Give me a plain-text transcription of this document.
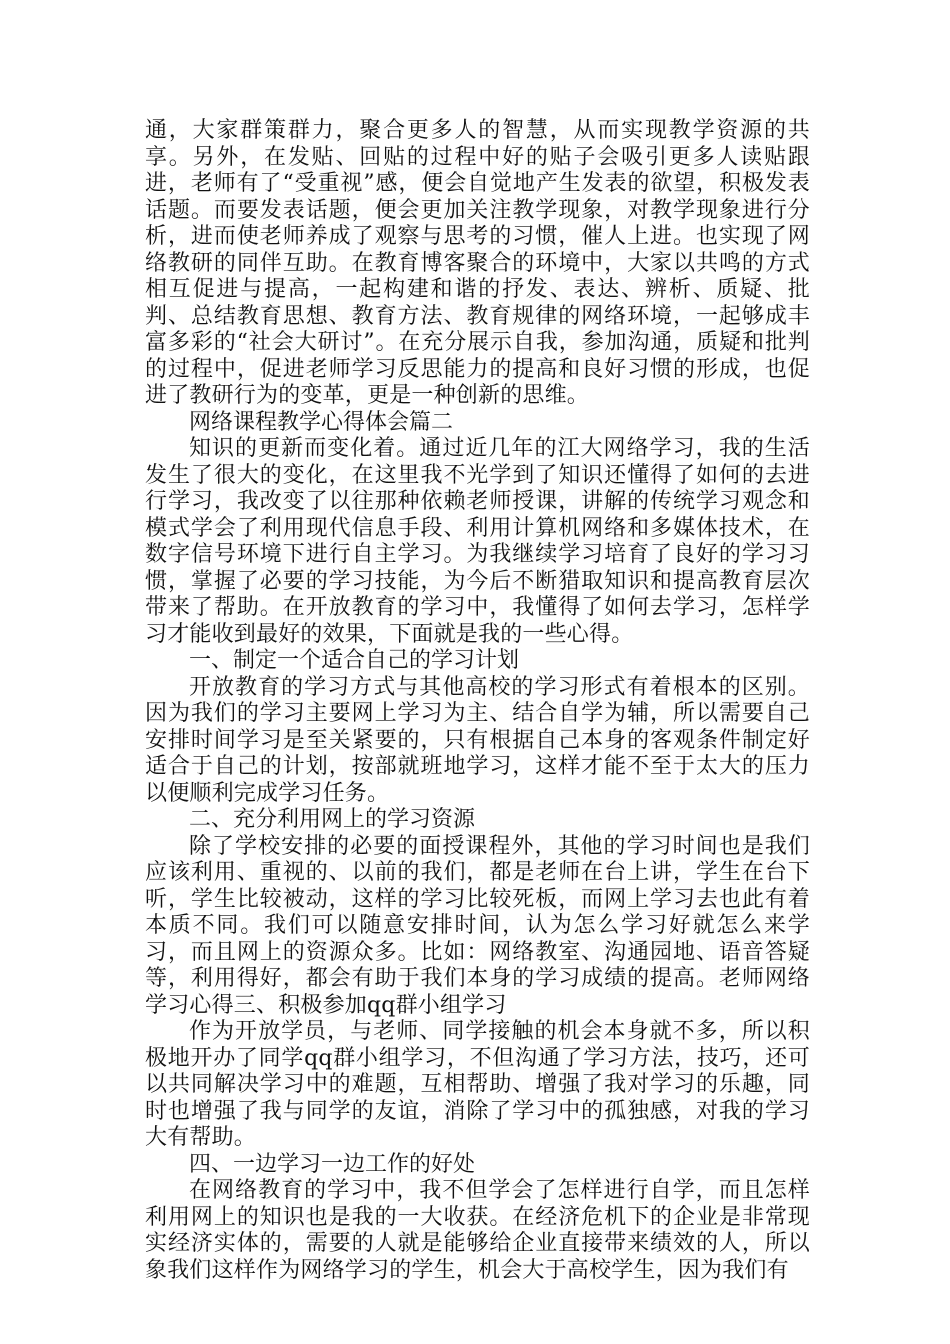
通，大家群策群力，聚合更多人的智慧，从而实现教学资源的共享。另外，在发贴、回贴的过程中好的贴子会吸引更多人读贴跟进，老师有了“受重视”感，便会自觉地产生发表的欲望，积极发表话题。而要发表话题，便会更加关注教学现象，对教学现象进行分析，进而使老师养成了观察与思考的习惯，催人上进。也实现了网络教研的同伴互助。在教育博客聚合的环境中，大家以共鸣的方式相互促进与提高，一起构建和谐的抒发、表达、辨析、质疑、批判、总结教育思想、教育方法、教育规律的网络环境，一起够成丰富多彩的“社会大研讨”。在充分展示自我，参加沟通，质疑和批判的过程中，促进老师学习反思能力的提高和良好习惯的形成，也促进了教研行为的变革，更是一种创新的思维。

网络课程教学心得体会篇二

知识的更新而变化着。通过近几年的江大网络学习，我的生活发生了很大的变化，在这里我不光学到了知识还懂得了如何的去进行学习，我改变了以往那种依赖老师授课，讲解的传统学习观念和模式学会了利用现代信息手段、利用计算机网络和多媒体技术，在数字信号环境下进行自主学习。为我继续学习培育了良好的学习习惯，掌握了必要的学习技能，为今后不断猎取知识和提高教育层次带来了帮助。在开放教育的学习中，我懂得了如何去学习，怎样学习才能收到最好的效果，下面就是我的一些心得。

一、制定一个适合自己的学习计划

开放教育的学习方式与其他高校的学习形式有着根本的区别。因为我们的学习主要网上学习为主、结合自学为辅，所以需要自己安排时间学习是至关紧要的，只有根据自己本身的客观条件制定好适合于自己的计划，按部就班地学习，这样才能不至于太大的压力以便顺利完成学习任务。

二、充分利用网上的学习资源

除了学校安排的必要的面授课程外，其他的学习时间也是我们应该利用、重视的、以前的我们，都是老师在台上讲，学生在台下听，学生比较被动，这样的学习比较死板，而网上学习去也此有着本质不同。我们可以随意安排时间，认为怎么学习好就怎么来学习，而且网上的资源众多。比如：网络教室、沟通园地、语音答疑等，利用得好，都会有助于我们本身的学习成绩的提高。老师网络学习心得三、积极参加qq群小组学习

作为开放学员，与老师、同学接触的机会本身就不多，所以积极地开办了同学qq群小组学习，不但沟通了学习方法，技巧，还可以共同解决学习中的难题，互相帮助、增强了我对学习的乐趣，同时也增强了我与同学的友谊，消除了学习中的孤独感，对我的学习大有帮助。

四、一边学习一边工作的好处

在网络教育的学习中，我不但学会了怎样进行自学，而且怎样利用网上的知识也是我的一大收获。在经济危机下的企业是非常现实经济实体的，需要的人就是能够给企业直接带来绩效的人，所以象我们这样作为网络学习的学生，机会大于高校学生，因为我们有
